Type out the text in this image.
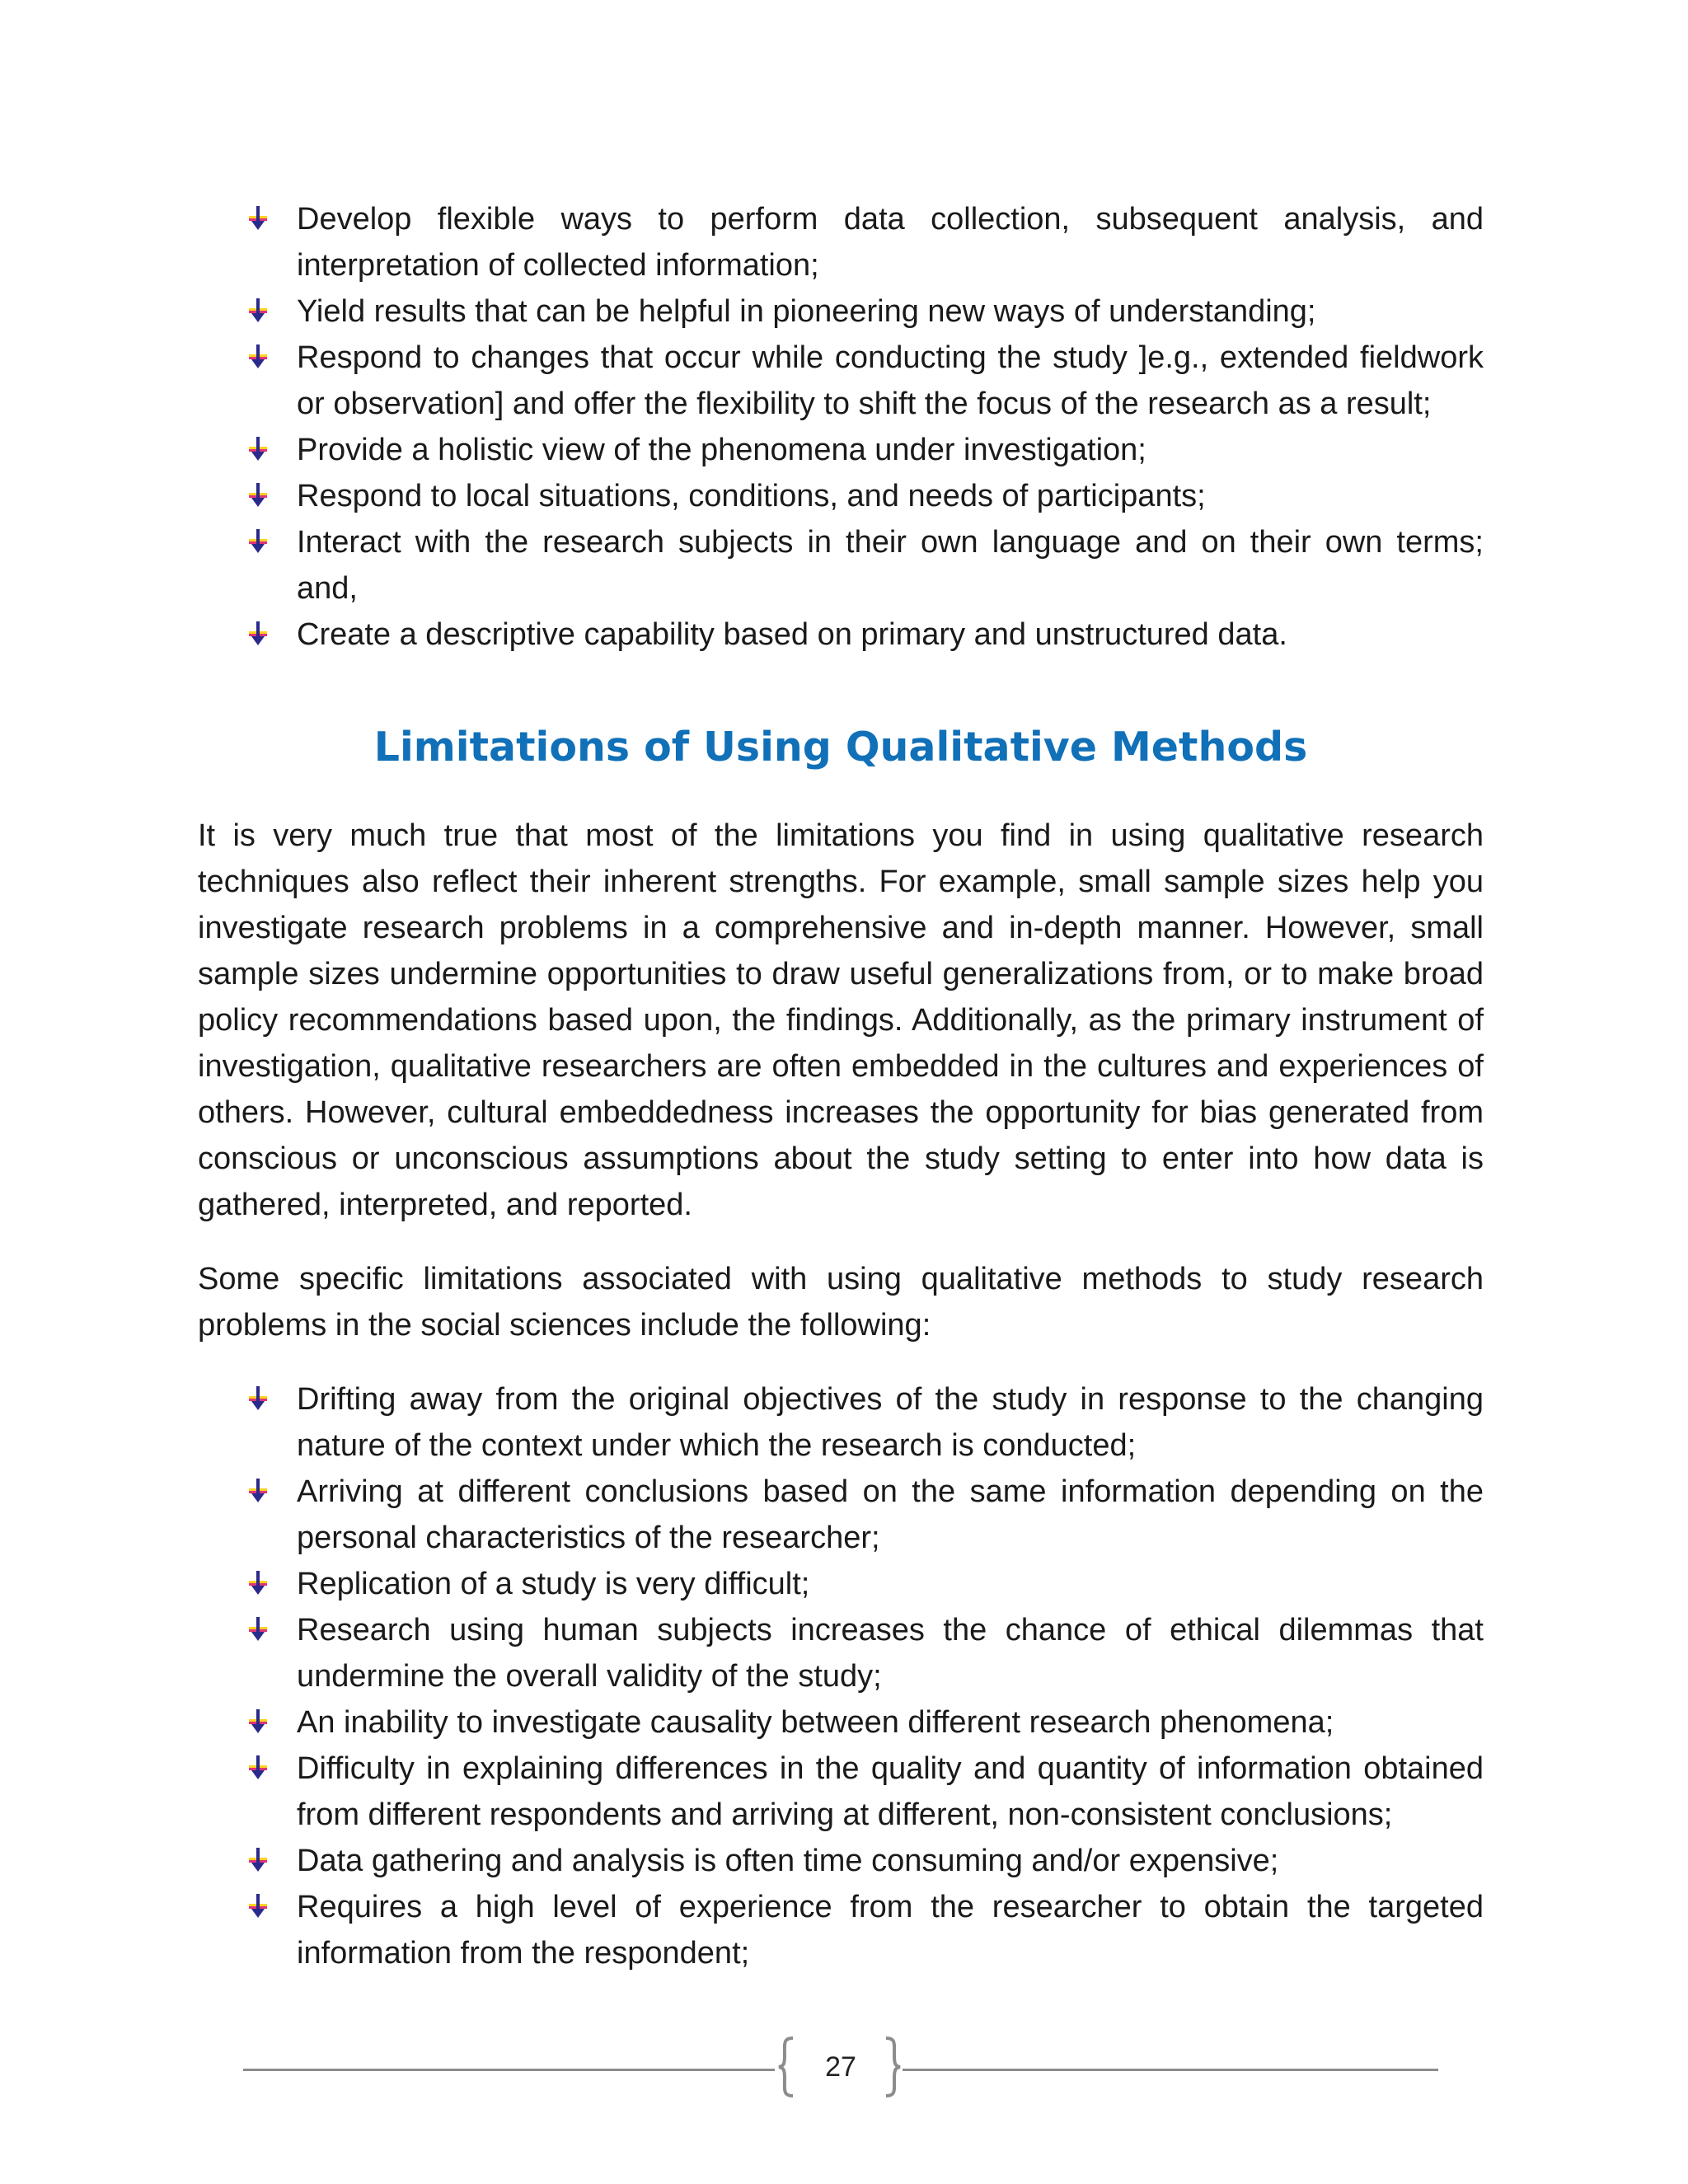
Develop flexible ways to perform data collection, subsequent analysis, and interpretation of collected information;
Yield results that can be helpful in pioneering new ways of understanding;
Respond to changes that occur while conducting the study ]e.g., extended fieldwork or observation] and offer the flexibility to shift the focus of the research as a result;
Provide a holistic view of the phenomena under investigation;
Respond to local situations, conditions, and needs of participants;
Interact with the research subjects in their own language and on their own terms; and,
Create a descriptive capability based on primary and unstructured data.
Limitations of Using Qualitative Methods

It is very much true that most of the limitations you find in using qualitative research techniques also reflect their inherent strengths. For example, small sample sizes help you investigate research problems in a comprehensive and in-depth manner. However, small sample sizes undermine opportunities to draw useful generalizations from, or to make broad policy recommendations based upon, the findings. Additionally, as the primary instrument of investigation, qualitative researchers are often embedded in the cultures and experiences of others. However, cultural embeddedness increases the opportunity for bias generated from conscious or unconscious assumptions about the study setting to enter into how data is gathered, interpreted, and reported.

Some specific limitations associated with using qualitative methods to study research problems in the social sciences include the following:

Drifting away from the original objectives of the study in response to the changing nature of the context under which the research is conducted;
Arriving at different conclusions based on the same information depending on the personal characteristics of the researcher;
Replication of a study is very difficult;
Research using human subjects increases the chance of ethical dilemmas that undermine the overall validity of the study;
An inability to investigate causality between different research phenomena;
Difficulty in explaining differences in the quality and quantity of information obtained from different respondents and arriving at different, non-consistent conclusions;
Data gathering and analysis is often time consuming and/or expensive;
Requires a high level of experience from the researcher to obtain the targeted information from the respondent;
27
